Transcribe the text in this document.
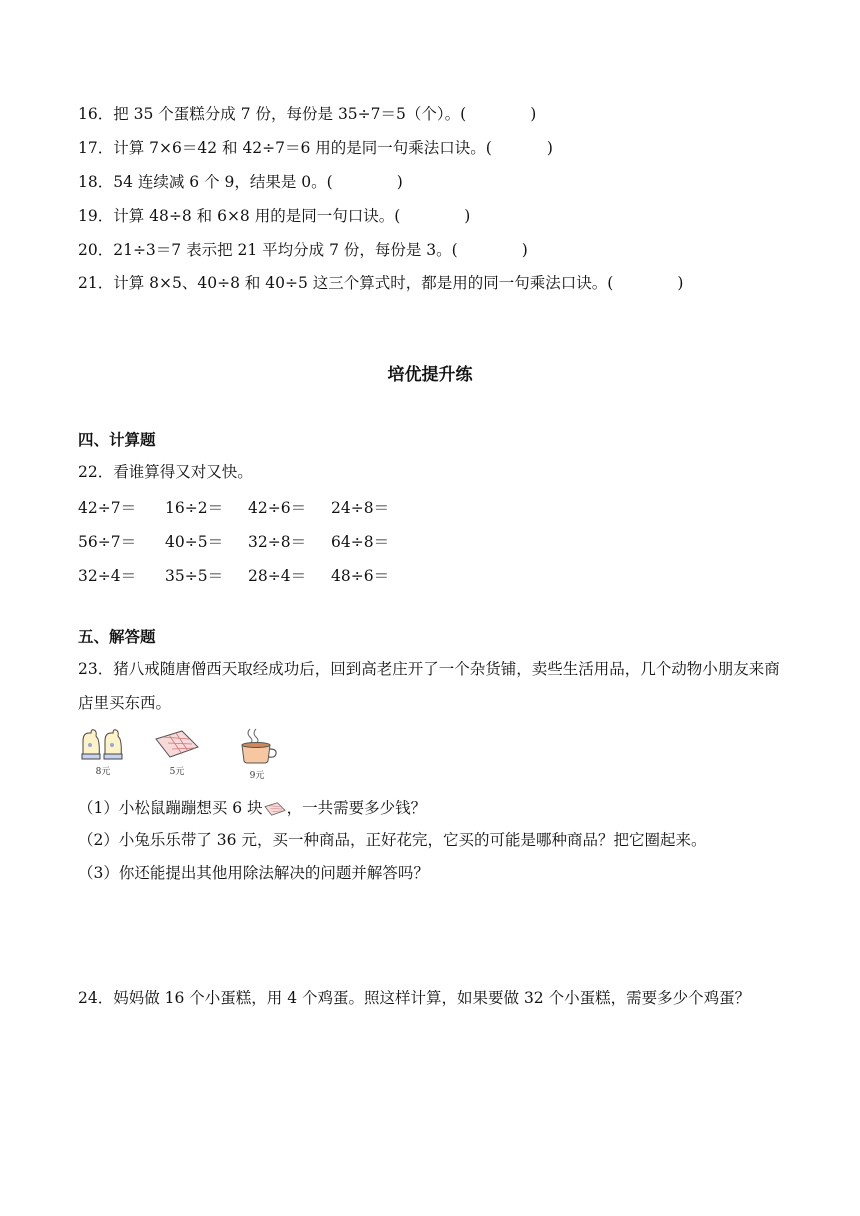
16．把 35 个蛋糕分成 7 份，每份是 35÷7＝5（个）。(	)
17．计算 7×6＝42 和 42÷7＝6 用的是同一句乘法口诀。(	)
18．54 连续减 6 个 9，结果是 0。(	)
19．计算 48÷8 和 6×8 用的是同一句口诀。(	)
20．21÷3＝7 表示把 21 平均分成 7 份，每份是 3。(	)
21．计算 8×5、40÷8 和 40÷5 这三个算式时，都是用的同一句乘法口诀。(	)
培优提升练
四、计算题
22．看谁算得又对又快。
42÷7＝ 16÷2＝ 42÷6＝ 24÷8＝
56÷7＝ 40÷5＝ 32÷8＝ 64÷8＝
32÷4＝ 35÷5＝ 28÷4＝ 48÷6＝
五、解答题
23．猪八戒随唐僧西天取经成功后，回到高老庄开了一个杂货铺，卖些生活用品，几个动物小朋友来商店里买东西。
8元	5元	9元
（1）小松鼠蹦蹦想买 6 块 ，一共需要多少钱？
（2）小兔乐乐带了 36 元，买一种商品，正好花完，它买的可能是哪种商品？把它圈起来。
（3）你还能提出其他用除法解决的问题并解答吗？
24．妈妈做 16 个小蛋糕，用 4 个鸡蛋。照这样计算，如果要做 32 个小蛋糕，需要多少个鸡蛋？
